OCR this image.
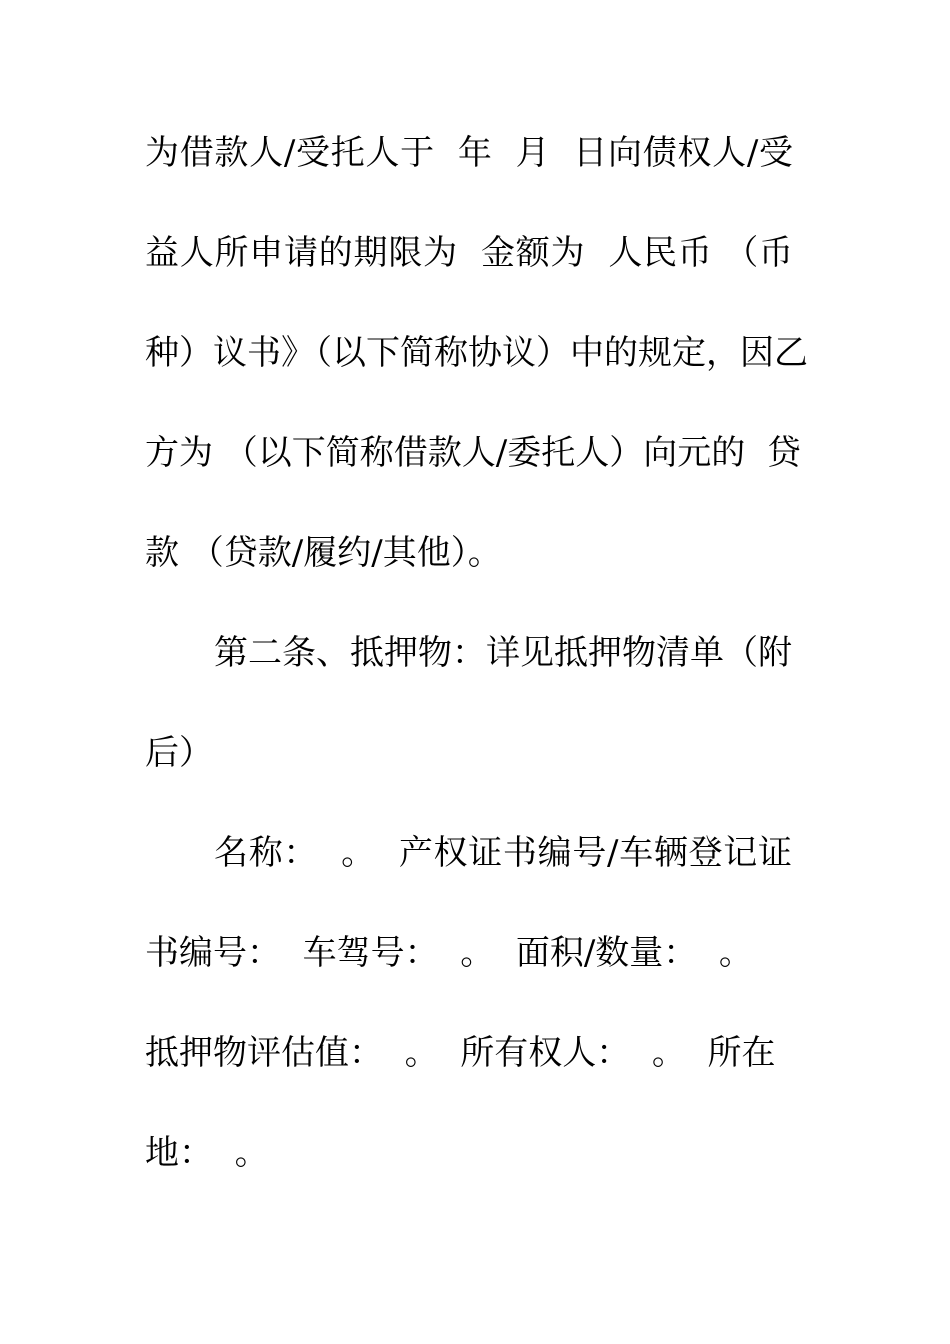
为借款人/受托人于  年  月  日向债权人/受
益人所申请的期限为  金额为  人民币 （币
种）议书》（以下简称协议）中的规定，因乙
方为 （以下简称借款人/委托人）向元的  贷
款 （贷款/履约/其他）。
第二条、抵押物：详见抵押物清单（附
后）
名称：  。  产权证书编号/车辆登记证
书编号：  车驾号：  。  面积/数量：  。
抵押物评估值：  。  所有权人：  。  所在
地：  。
